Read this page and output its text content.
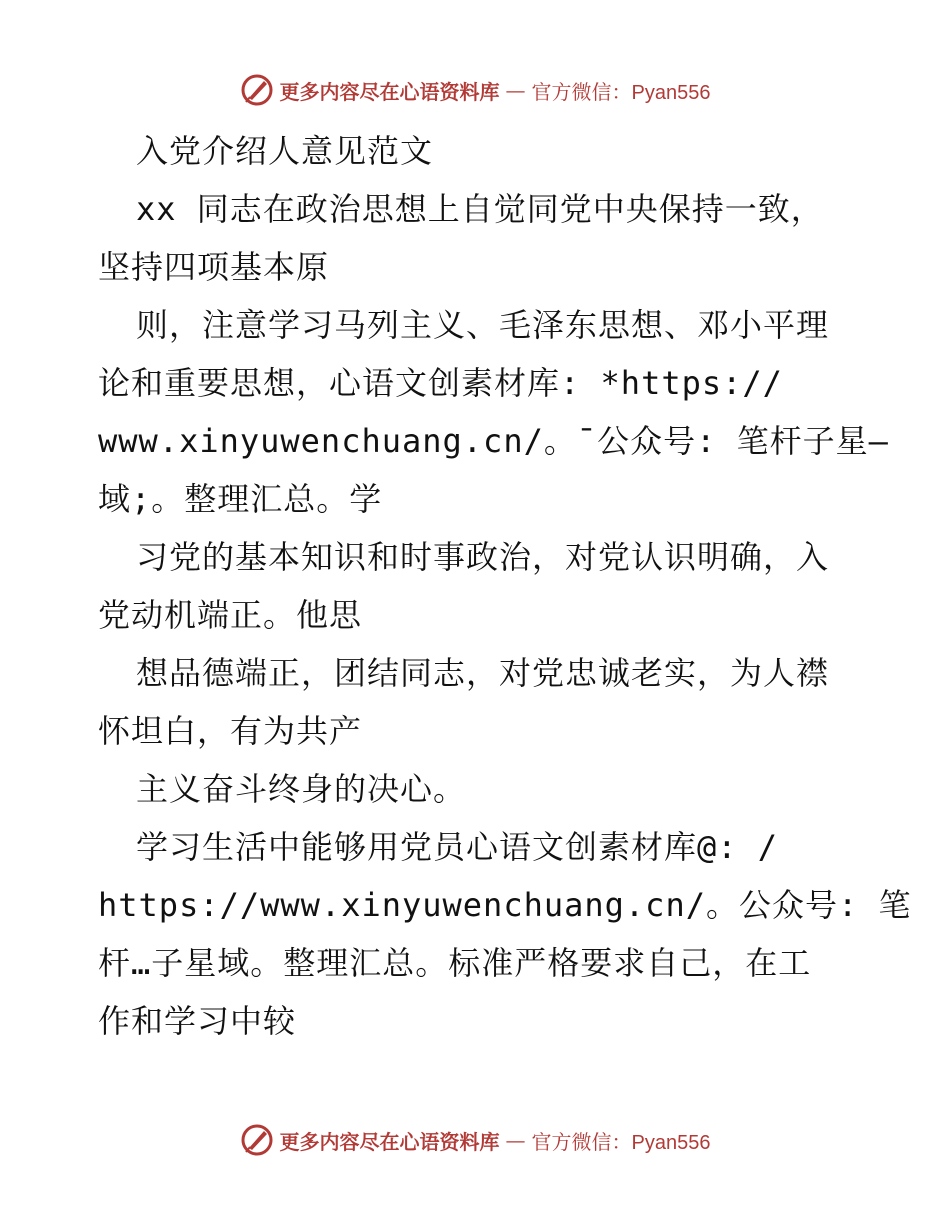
更多内容尽在心语资料库 — 官方微信：Pyan556
入党介绍人意见范文
xx 同志在政治思想上自觉同党中央保持一致，
坚持四项基本原
则，注意学习马列主义、毛泽东思想、邓小平理
论和重要思想，心语文创素材库: *https://
www.xinyuwenchuang.cn/。¯公众号: 笔杆子星—
域;。整理汇总。学
习党的基本知识和时事政治，对党认识明确，入
党动机端正。他思
想品德端正，团结同志，对党忠诚老实，为人襟
怀坦白，有为共产
主义奋斗终身的决心。
学习生活中能够用党员心语文创素材库@: /
https://www.xinyuwenchuang.cn/。公众号: 笔
杆…子星域。整理汇总。标准严格要求自己，在工
作和学习中较
更多内容尽在心语资料库 — 官方微信：Pyan556
